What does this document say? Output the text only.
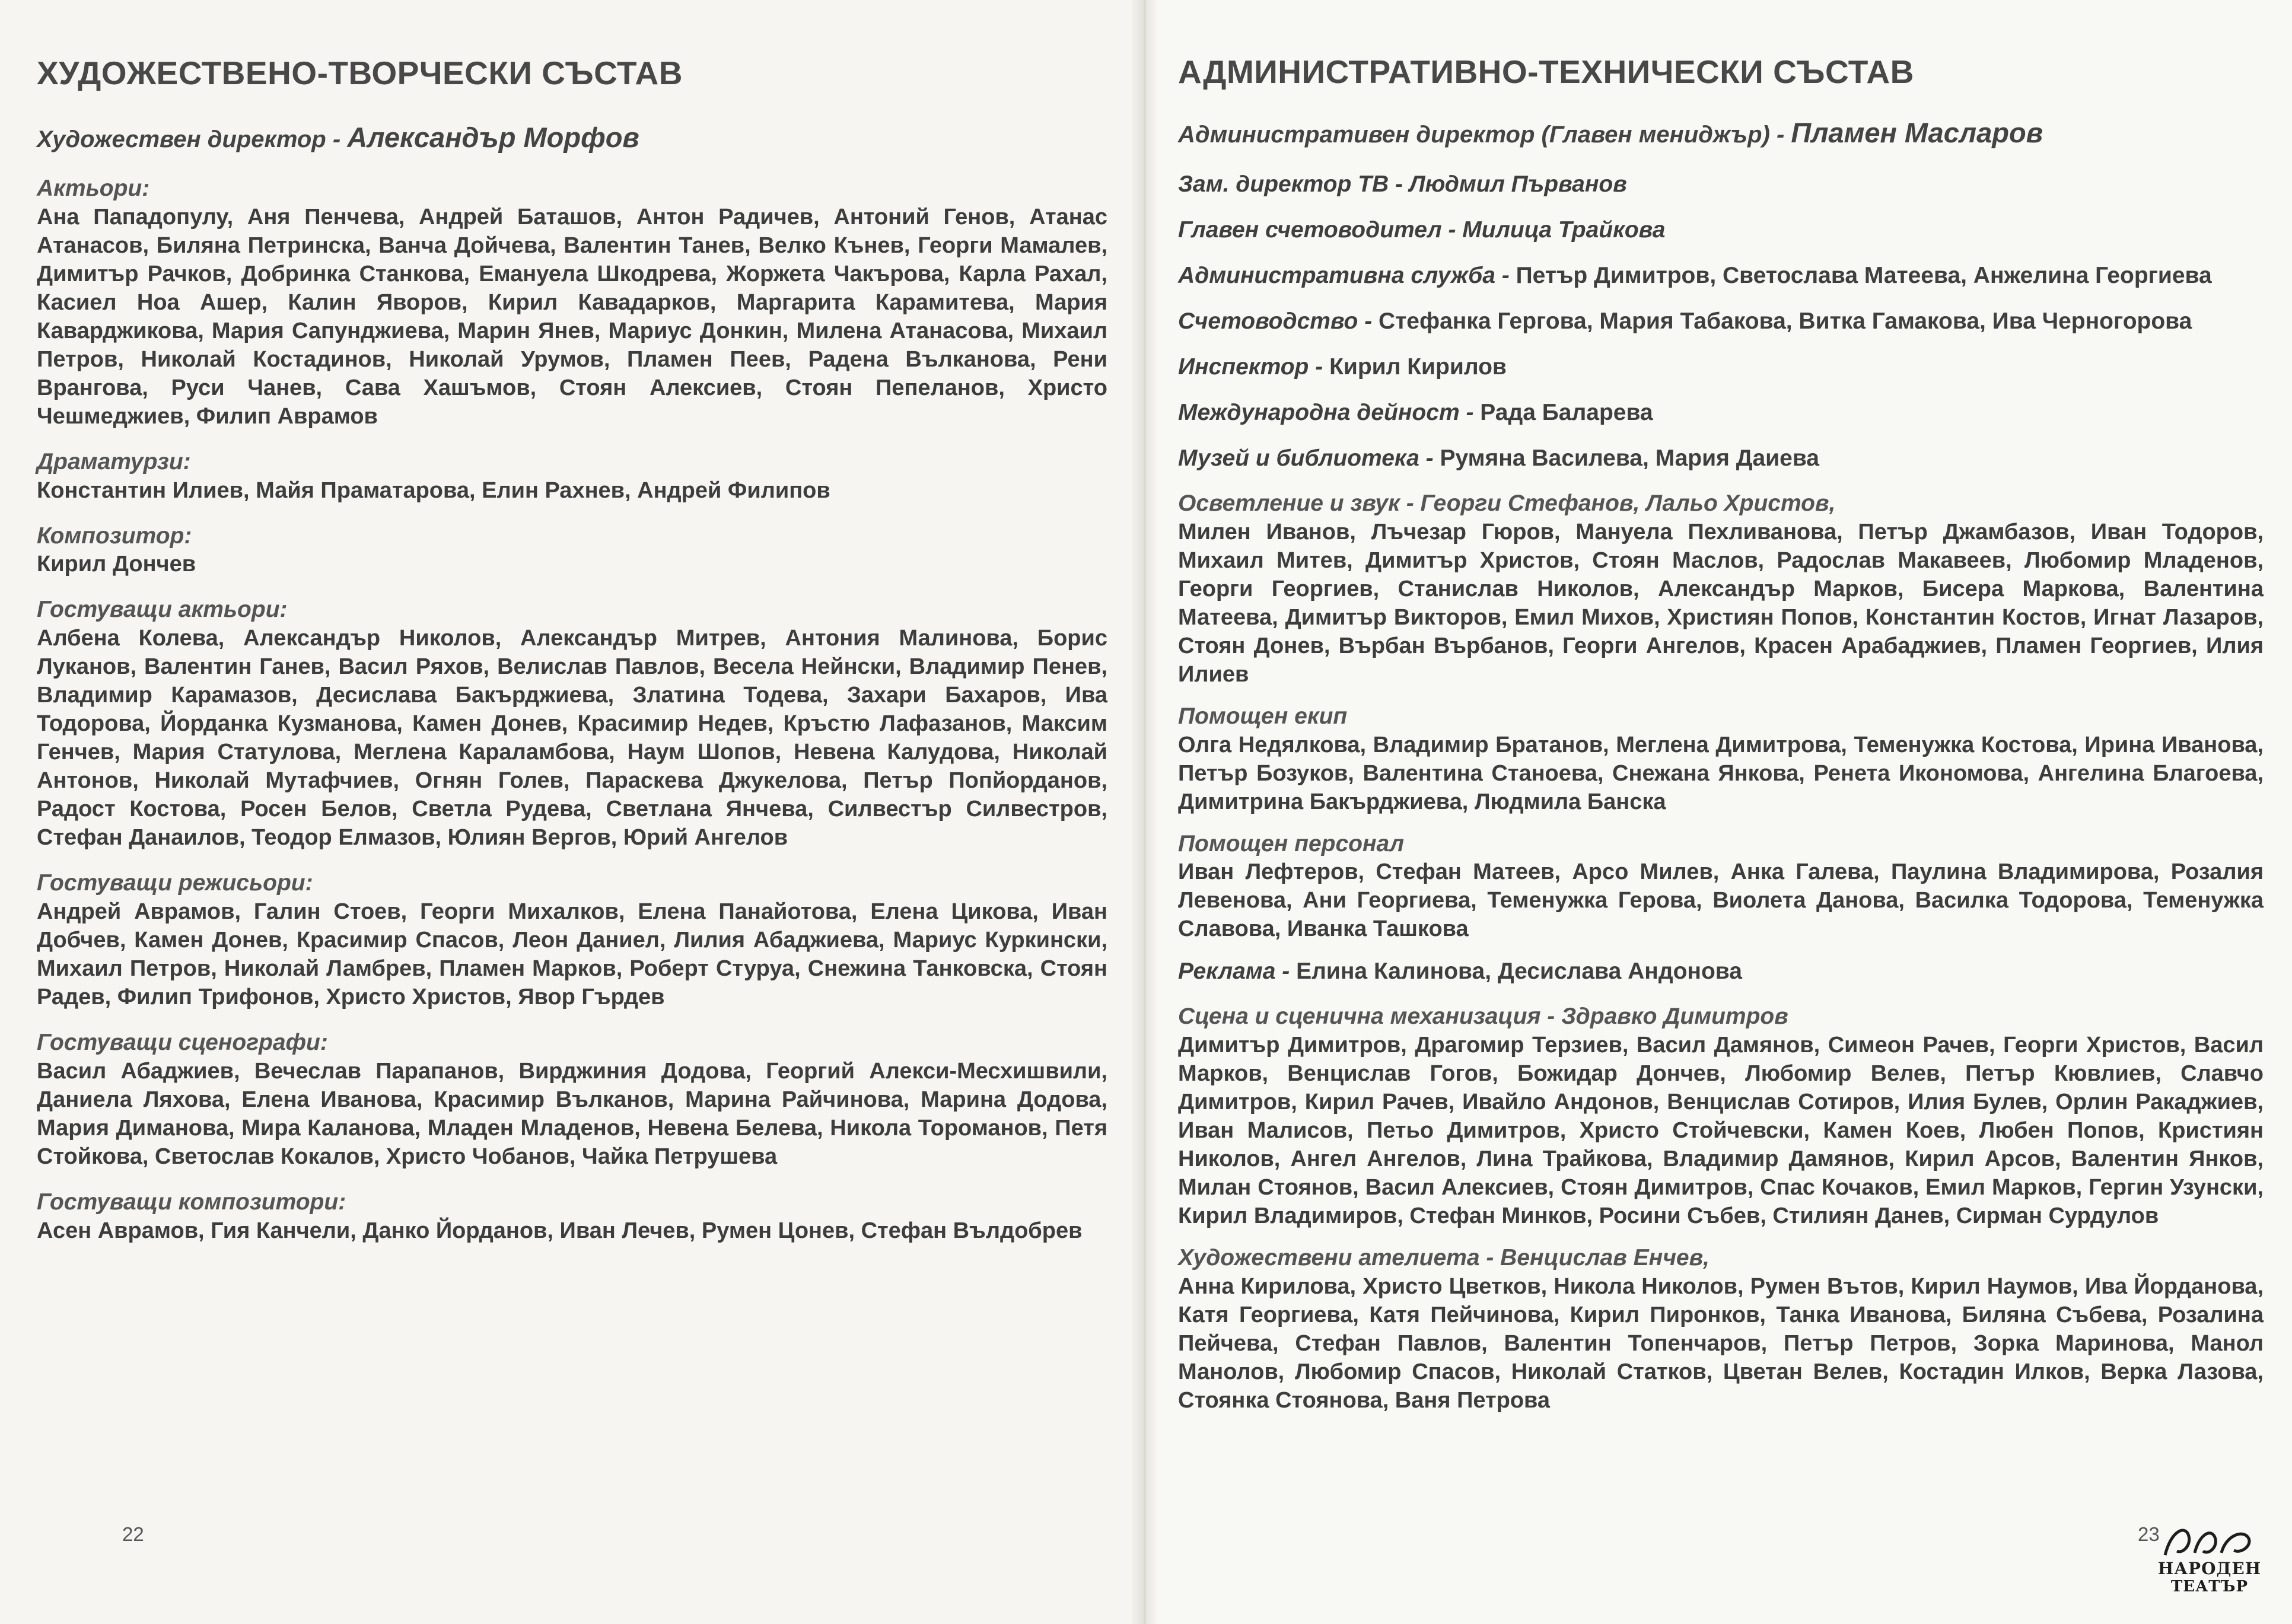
ХУДОЖЕСТВЕНО-ТВОРЧЕСКИ СЪСТАВ
Художествен директор - Александър Морфов
Актьори:
Ана Пападопулу, Аня Пенчева, Андрей Баташов, Антон Радичев, Антоний Генов, Атанас Атанасов, Биляна Петринска, Ванча Дойчева, Валентин Танев, Велко Кънев, Георги Мамалев, Димитър Рачков, Добринка Станкова, Емануела Шкодрева, Жоржета Чакърова, Карла Рахал, Касиел Ноа Ашер, Калин Яворов, Кирил Кавадарков, Маргарита Карамитева, Мария Каварджикова, Мария Сапунджиева, Марин Янев, Мариус Донкин, Милена Атанасова, Михаил Петров, Николай Костадинов, Николай Урумов, Пламен Пеев, Радена Вълканова, Рени Врангова, Руси Чанев, Сава Хашъмов, Стоян Алексиев, Стоян Пепеланов, Христо Чешмеджиев, Филип Аврамов
Драматурзи:
Константин Илиев, Майя Праматарова, Елин Рахнев, Андрей Филипов
Композитор:
Кирил Дончев
Гостуващи актьори:
Албена Колева, Александър Николов, Александър Митрев, Антония Малинова, Борис Луканов, Валентин Ганев, Васил Ряхов, Велислав Павлов, Весела Нейнски, Владимир Пенев, Владимир Карамазов, Десислава Бакърджиева, Златина Тодева, Захари Бахаров, Ива Тодорова, Йорданка Кузманова, Камен Донев, Красимир Недев, Кръстю Лафазанов, Максим Генчев, Мария Статулова, Меглена Караламбова, Наум Шопов, Невена Калудова, Николай Антонов, Николай Мутафчиев, Огнян Голев, Параскева Джукелова, Петър Попйорданов, Радост Костова, Росен Белов, Светла Рудева, Светлана Янчева, Силвестър Силвестров, Стефан Данаилов, Теодор Елмазов, Юлиян Вергов, Юрий Ангелов
Гостуващи режисьори:
Андрей Аврамов, Галин Стоев, Георги Михалков, Елена Панайотова, Елена Цикова, Иван Добчев, Камен Донев, Красимир Спасов, Леон Даниел, Лилия Абаджиева, Мариус Куркински, Михаил Петров, Николай Ламбрев, Пламен Марков, Роберт Стуруа, Снежина Танковска, Стоян Радев, Филип Трифонов, Христо Христов, Явор Гърдев
Гостуващи сценографи:
Васил Абаджиев, Вечеслав Парапанов, Вирджиния Додова, Георгий Алекси-Месхишвили, Даниела Ляхова, Елена Иванова, Красимир Вълканов, Марина Райчинова, Марина Додова, Мария Диманова, Мира Каланова, Младен Младенов, Невена Белева, Никола Тороманов, Петя Стойкова, Светослав Кокалов, Христо Чобанов, Чайка Петрушева
Гостуващи композитори:
Асен Аврамов, Гия Канчели, Данко Йорданов, Иван Лечев, Румен Цонев, Стефан Вълдобрев
22
АДМИНИСТРАТИВНО-ТЕХНИЧЕСКИ СЪСТАВ
Административен директор (Главен мениджър) - Пламен Масларов
Зам. директор ТВ - Людмил Първанов
Главен счетоводител - Милица Трайкова
Административна служба - Петър Димитров, Светослава Матеева, Анжелина Георгиева
Счетоводство - Стефанка Гергова, Мария Табакова, Витка Гамакова, Ива Черногорова
Инспектор - Кирил Кирилов
Международна дейност - Рада Баларева
Музей и библиотека - Румяна Василева, Мария Даиева
Осветление и звук - Георги Стефанов, Лальо Христов,
Милен Иванов, Лъчезар Гюров, Мануела Пехливанова, Петър Джамбазов, Иван Тодоров, Михаил Митев, Димитър Христов, Стоян Маслов, Радослав Макавеев, Любомир Младенов, Георги Георгиев, Станислав Николов, Александър Марков, Бисера Маркова, Валентина Матеева, Димитър Викторов, Емил Михов, Християн Попов, Константин Костов, Игнат Лазаров, Стоян Донев, Върбан Върбанов, Георги Ангелов, Красен Арабаджиев, Пламен Георгиев, Илия Илиев
Помощен екип
Олга Недялкова, Владимир Братанов, Меглена Димитрова, Теменужка Костова, Ирина Иванова, Петър Бозуков, Валентина Станоева, Снежана Янкова, Ренета Икономова, Ангелина Благоева, Димитрина Бакърджиева, Людмила Банска
Помощен персонал
Иван Лефтеров, Стефан Матеев, Арсо Милев, Анка Галева, Паулина Владимирова, Розалия Левенова, Ани Георгиева, Теменужка Герова, Виолета Данова, Василка Тодорова, Теменужка Славова, Иванка Ташкова
Реклама - Елина Калинова, Десислава Андонова
Сцена и сценична механизация - Здравко Димитров
Димитър Димитров, Драгомир Терзиев, Васил Дамянов, Симеон Рачев, Георги Христов, Васил Марков, Венцислав Гогов, Божидар Дончев, Любомир Велев, Петър Кювлиев, Славчо Димитров, Кирил Рачев, Ивайло Андонов, Венцислав Сотиров, Илия Булев, Орлин Ракаджиев, Иван Малисов, Петьо Димитров, Христо Стойчевски, Камен Коев, Любен Попов, Кристиян Николов, Ангел Ангелов, Лина Трайкова, Владимир Дамянов, Кирил Арсов, Валентин Янков, Милан Стоянов, Васил Алексиев, Стоян Димитров, Спас Кочаков, Емил Марков, Гергин Узунски, Кирил Владимиров, Стефан Минков, Росини Събев, Стилиян Данев, Сирман Сурдулов
Художествени ателиета - Венцислав Енчев,
Анна Кирилова, Христо Цветков, Никола Николов, Румен Вътов, Кирил Наумов, Ива Йорданова, Катя Георгиева, Катя Пейчинова, Кирил Пиронков, Танка Иванова, Биляна Събева, Розалина Пейчева, Стефан Павлов, Валентин Топенчаров, Петър Петров, Зорка Маринова, Манол Манолов, Любомир Спасов, Николай Статков, Цветан Велев, Костадин Илков, Верка Лазова, Стоянка Стоянова, Ваня Петрова
23
НАРОДЕН
ТЕАТЪР
